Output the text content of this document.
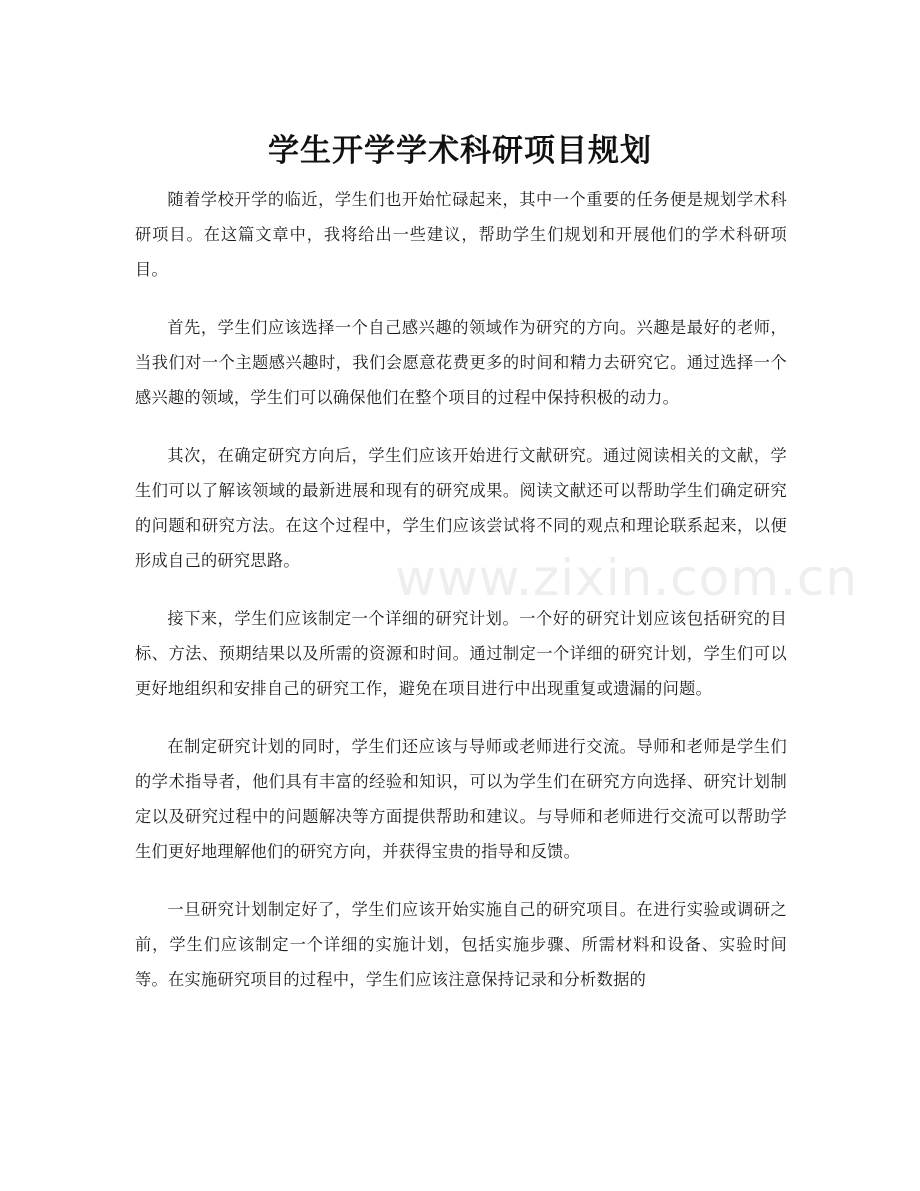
学生开学学术科研项目规划

随着学校开学的临近，学生们也开始忙碌起来，其中一个重要的任务便是规划学术科研项目。在这篇文章中，我将给出一些建议，帮助学生们规划和开展他们的学术科研项目。

首先，学生们应该选择一个自己感兴趣的领域作为研究的方向。兴趣是最好的老师，当我们对一个主题感兴趣时，我们会愿意花费更多的时间和精力去研究它。通过选择一个感兴趣的领域，学生们可以确保他们在整个项目的过程中保持积极的动力。

其次，在确定研究方向后，学生们应该开始进行文献研究。通过阅读相关的文献，学生们可以了解该领域的最新进展和现有的研究成果。阅读文献还可以帮助学生们确定研究的问题和研究方法。在这个过程中，学生们应该尝试将不同的观点和理论联系起来，以便形成自己的研究思路。

接下来，学生们应该制定一个详细的研究计划。一个好的研究计划应该包括研究的目标、方法、预期结果以及所需的资源和时间。通过制定一个详细的研究计划，学生们可以更好地组织和安排自己的研究工作，避免在项目进行中出现重复或遗漏的问题。

在制定研究计划的同时，学生们还应该与导师或老师进行交流。导师和老师是学生们的学术指导者，他们具有丰富的经验和知识，可以为学生们在研究方向选择、研究计划制定以及研究过程中的问题解决等方面提供帮助和建议。与导师和老师进行交流可以帮助学生们更好地理解他们的研究方向，并获得宝贵的指导和反馈。

一旦研究计划制定好了，学生们应该开始实施自己的研究项目。在进行实验或调研之前，学生们应该制定一个详细的实施计划，包括实施步骤、所需材料和设备、实验时间等。在实施研究项目的过程中，学生们应该注意保持记录和分析数据的

www.zixin.com.cn
